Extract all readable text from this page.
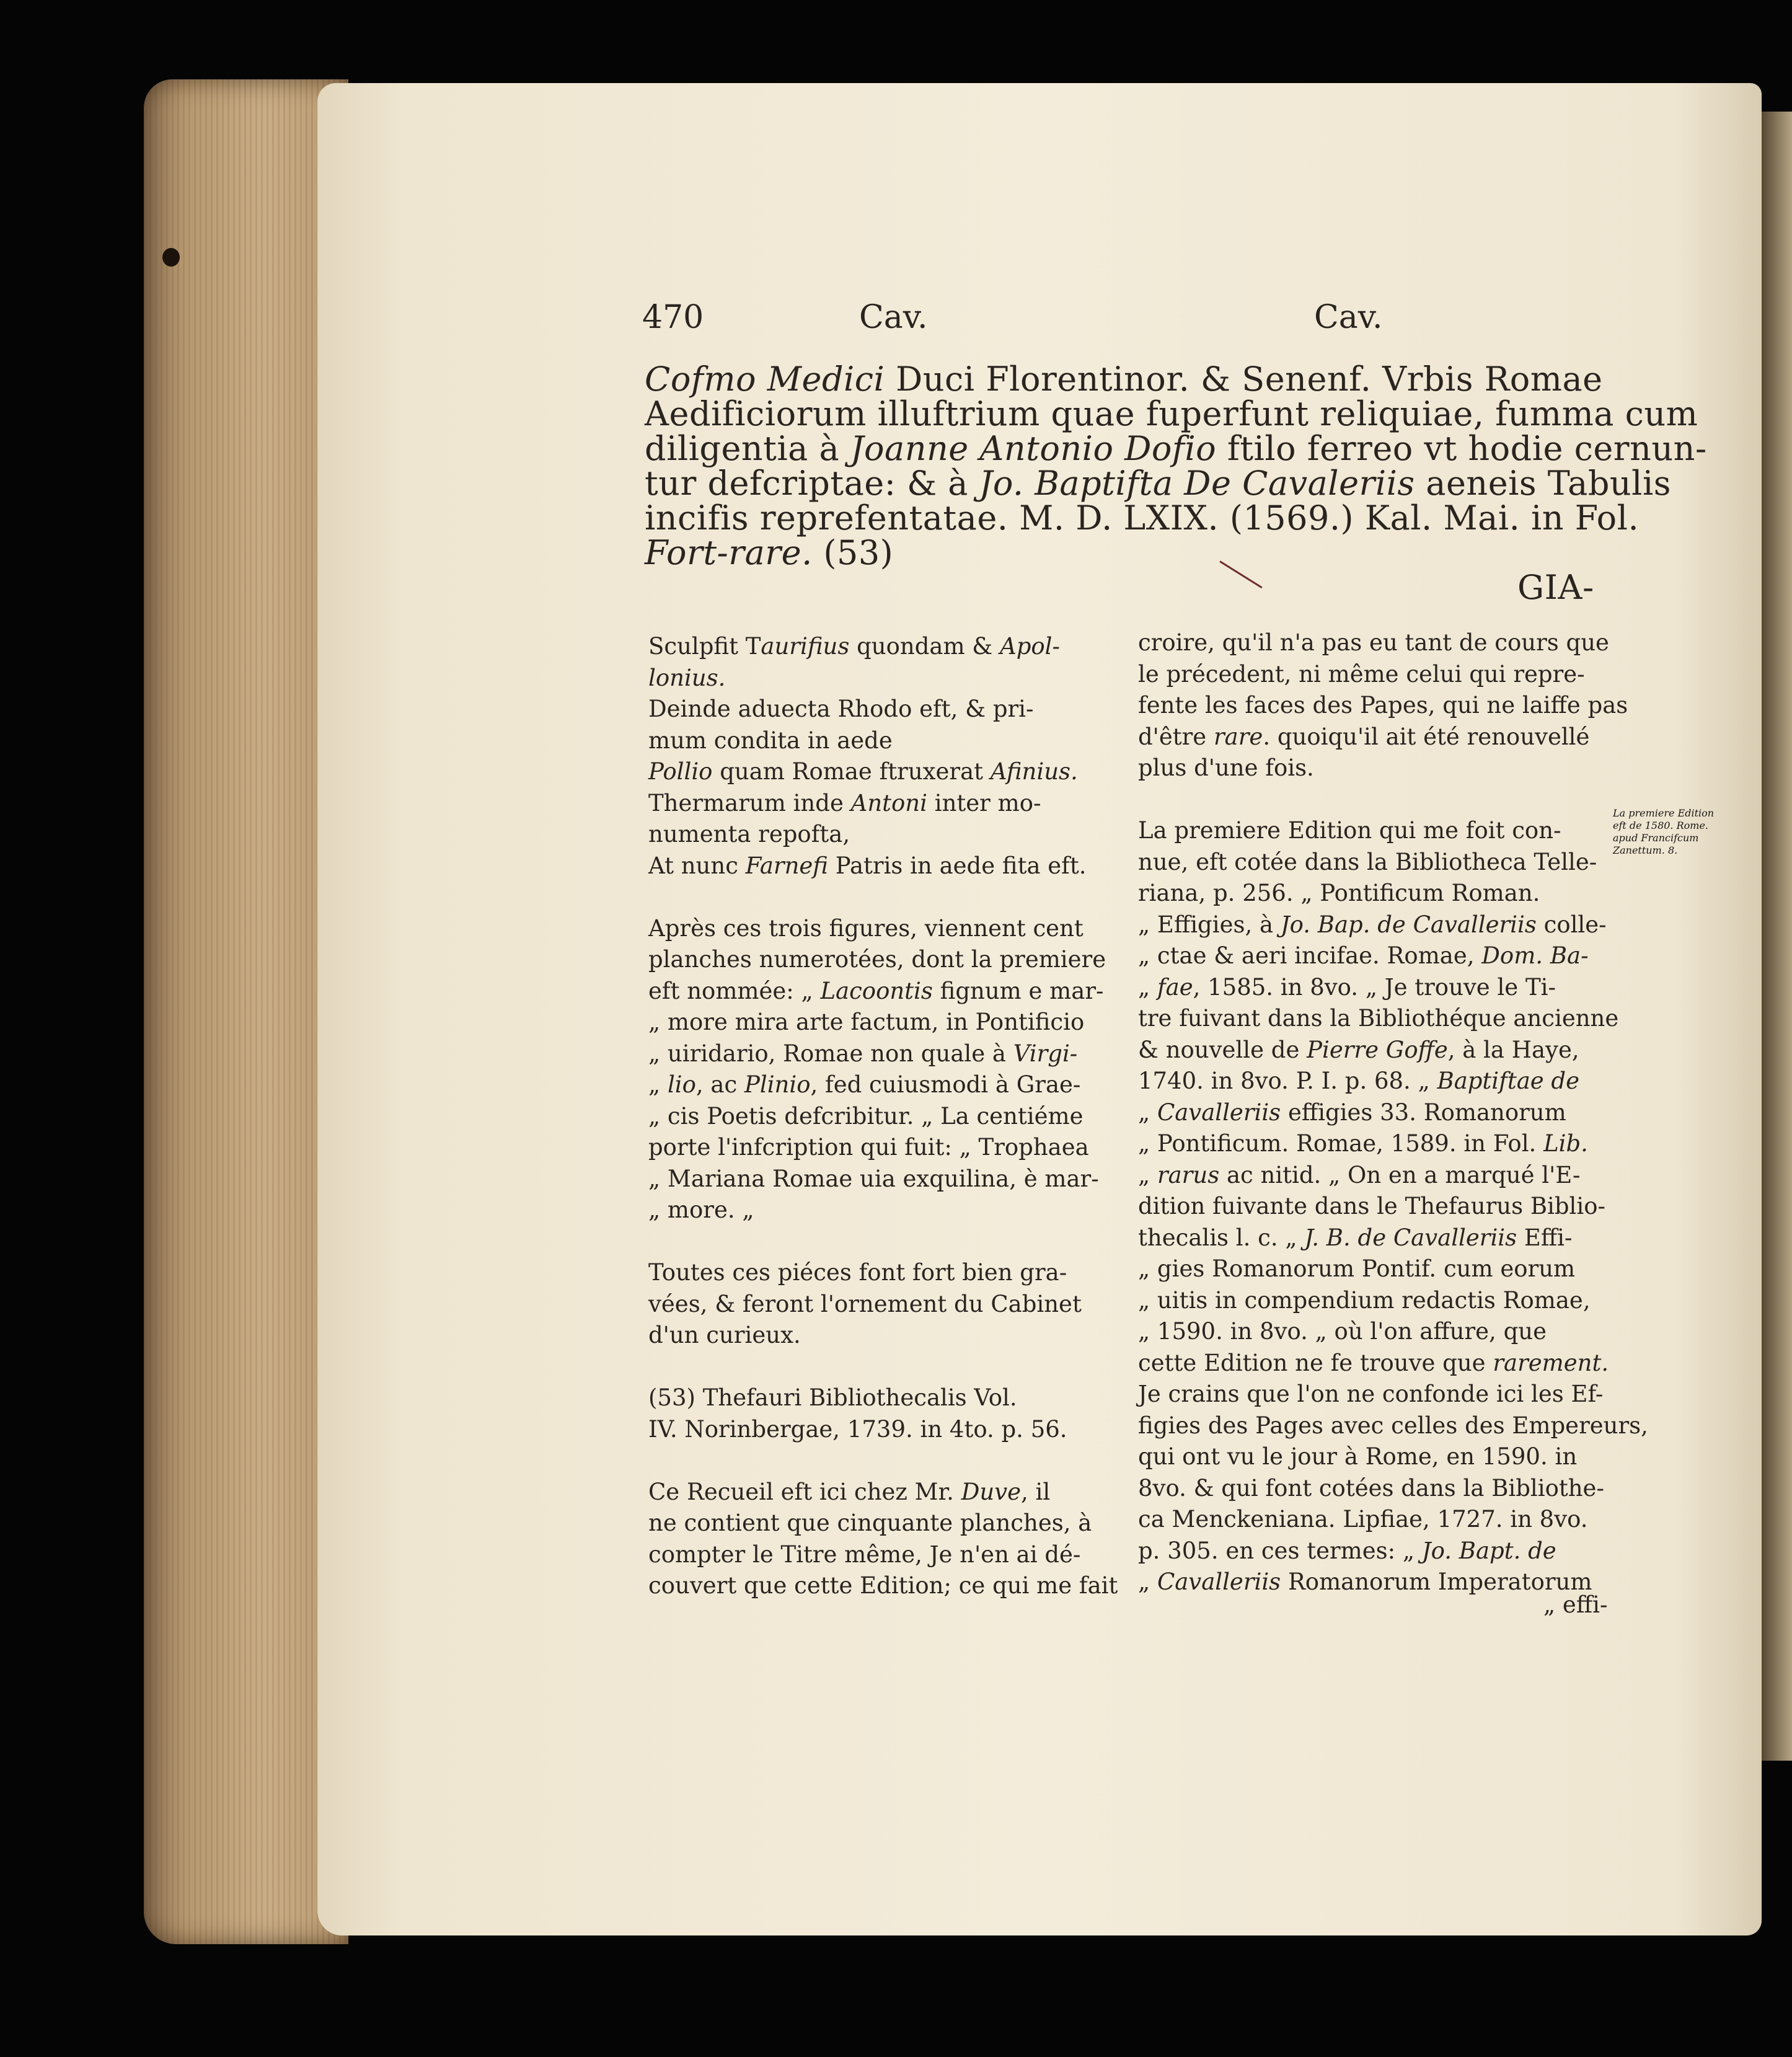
470	Cav.	Cav.
Cofmo Medici Duci Florentinor. & Senenf. Vrbis Romae
Aedificiorum illuftrium quae fuperfunt reliquiae, fumma cum
diligentia à Joanne Antonio Dofio ftilo ferreo vt hodie cernun-
tur defcriptae: & à Jo. Baptifta De Cavaleriis aeneis Tabulis
incifis reprefentatae. M. D. LXIX. (1569.) Kal. Mai. in Fol.
Fort-rare. (53)
GIA-
Sculpfit Taurifius quondam & Apol-
lonius.
Deinde aduecta Rhodo eft, & pri-
mum condita in aede
Pollio quam Romae ftruxerat Afinius.
Thermarum inde Antoni inter mo-
numenta repofta,
At nunc Farnefi Patris in aede fita eft.
Après ces trois figures, viennent cent
planches numerotées, dont la premiere
eft nommée: „ Lacoontis fignum e mar-
„ more mira arte factum, in Pontificio
„ uiridario, Romae non quale à Virgi-
„ lio, ac Plinio, fed cuiusmodi à Grae-
„ cis Poetis defcribitur. „ La centiéme
porte l'infcription qui fuit: „ Trophaea
„ Mariana Romae uia exquilina, è mar-
„ more. „
Toutes ces piéces font fort bien gra-
vées, & feront l'ornement du Cabinet
d'un curieux.
(53) Thefauri Bibliothecalis Vol.
IV. Norinbergae, 1739. in 4to. p. 56.
Ce Recueil eft ici chez Mr. Duve, il
ne contient que cinquante planches, à
compter le Titre même, Je n'en ai dé-
couvert que cette Edition; ce qui me fait
croire, qu'il n'a pas eu tant de cours que
le précedent, ni même celui qui repre-
fente les faces des Papes, qui ne laiffe pas
d'être rare. quoiqu'il ait été renouvellé
plus d'une fois.
La premiere Edition qui me foit con-
nue, eft cotée dans la Bibliotheca Telle-
riana, p. 256. „ Pontificum Roman.
„ Effigies, à Jo. Bap. de Cavalleriis colle-
„ ctae & aeri incifae. Romae, Dom. Ba-
„ fae, 1585. in 8vo. „ Je trouve le Ti-
tre fuivant dans la Bibliothéque ancienne
& nouvelle de Pierre Goffe, à la Haye,
1740. in 8vo. P. I. p. 68. „ Baptiftae de
„ Cavalleriis effigies 33. Romanorum
„ Pontificum. Romae, 1589. in Fol. Lib.
„ rarus ac nitid. „ On en a marqué l'E-
dition fuivante dans le Thefaurus Biblio-
thecalis l. c. „ J. B. de Cavalleriis Effi-
„ gies Romanorum Pontif. cum eorum
„ uitis in compendium redactis Romae,
„ 1590. in 8vo. „ où l'on affure, que
cette Edition ne fe trouve que rarement.
Je crains que l'on ne confonde ici les Ef-
figies des Pages avec celles des Empereurs,
qui ont vu le jour à Rome, en 1590. in
8vo. & qui font cotées dans la Bibliothe-
ca Menckeniana. Lipfiae, 1727. in 8vo.
p. 305. en ces termes: „ Jo. Bapt. de
„ Cavalleriis Romanorum Imperatorum
„ effi-
La premiere Edition
eft de 1580. Rome.
apud Francifcum
Zanettum. 8.
